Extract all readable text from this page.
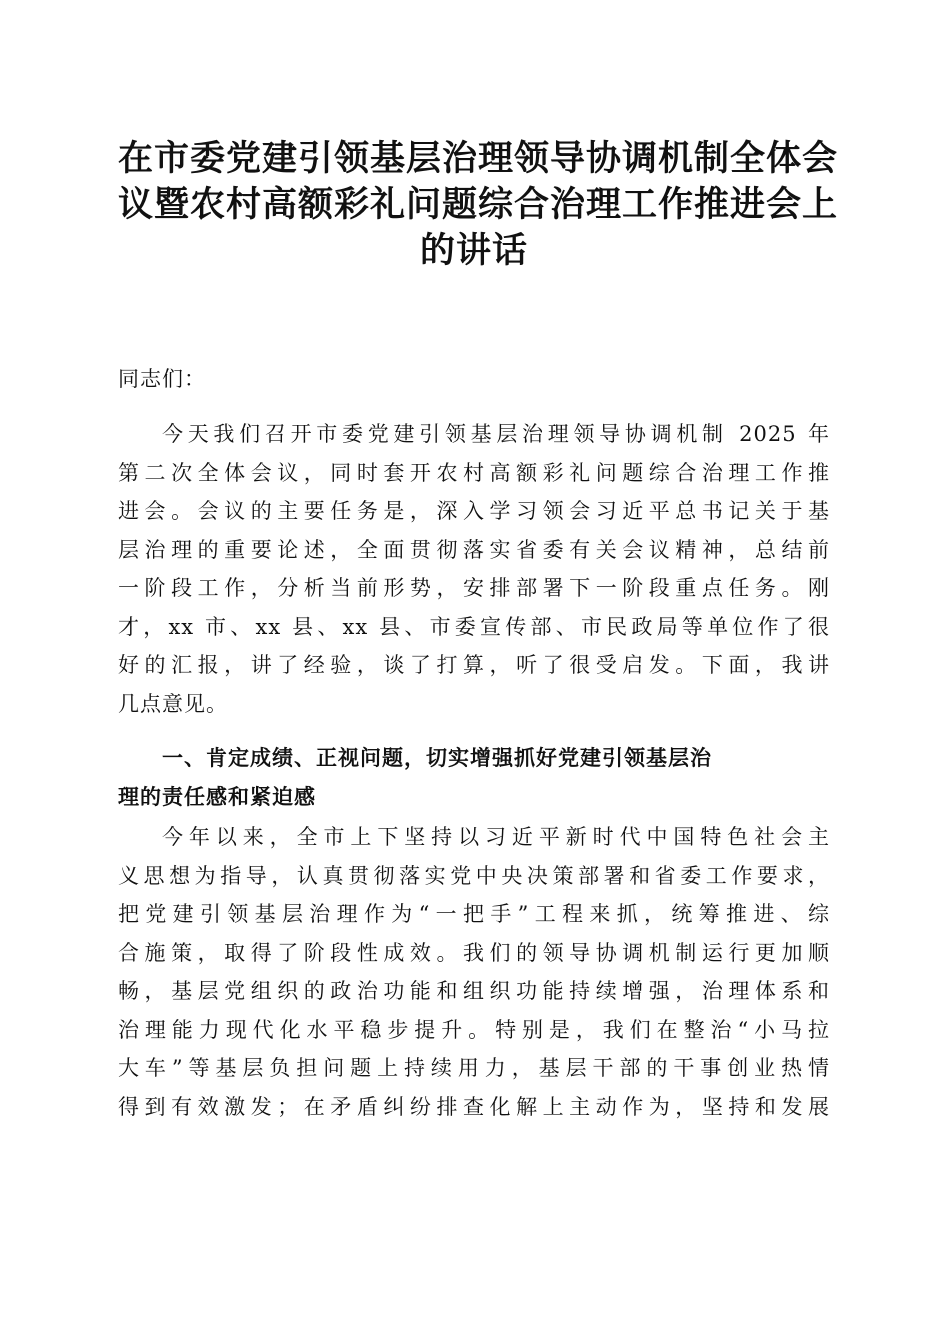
在市委党建引领基层治理领导协调机制全体会
议暨农村高额彩礼问题综合治理工作推进会上
的讲话
同志们：

今天我们召开市委党建引领基层治理领导协调机制 2025 年
第二次全体会议，同时套开农村高额彩礼问题综合治理工作推
进会。会议的主要任务是，深入学习领会习近平总书记关于基
层治理的重要论述，全面贯彻落实省委有关会议精神，总结前
一阶段工作，分析当前形势，安排部署下一阶段重点任务。刚
才，xx 市、xx 县、xx 县、市委宣传部、市民政局等单位作了很
好的汇报，讲了经验，谈了打算，听了很受启发。下面，我讲
几点意见。

一、肯定成绩、正视问题，切实增强抓好党建引领基层治
理的责任感和紧迫感

今年以来，全市上下坚持以习近平新时代中国特色社会主
义思想为指导，认真贯彻落实党中央决策部署和省委工作要求，
把党建引领基层治理作为“一把手”工程来抓，统筹推进、综
合施策，取得了阶段性成效。我们的领导协调机制运行更加顺
畅，基层党组织的政治功能和组织功能持续增强，治理体系和
治理能力现代化水平稳步提升。特别是，我们在整治“小马拉
大车”等基层负担问题上持续用力，基层干部的干事创业热情
得到有效激发；在矛盾纠纷排查化解上主动作为，坚持和发展
